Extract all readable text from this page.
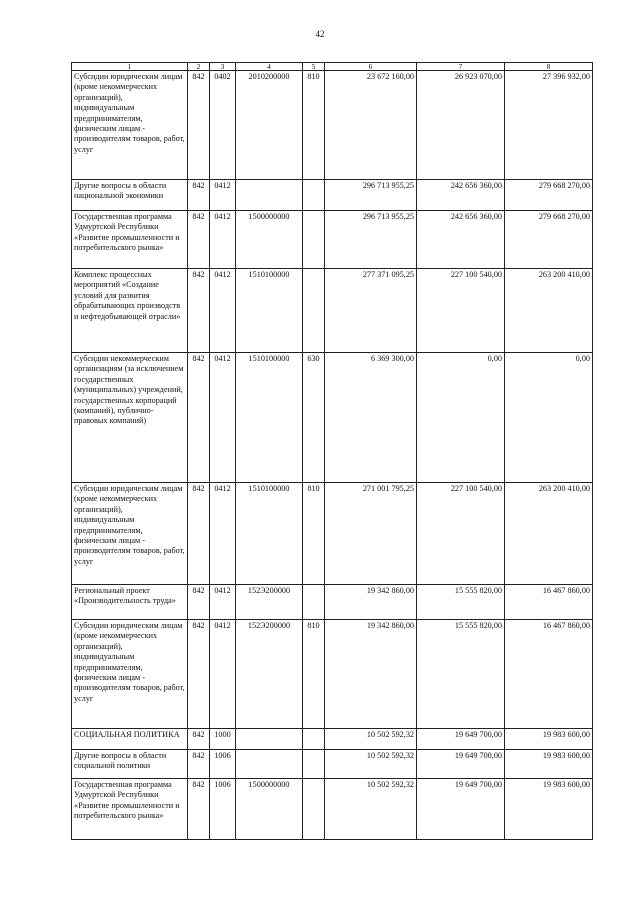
42
1	2	3	4	5	6	7	8
Субсидии юридическим лицам (кроме некоммерческих организаций), индивидуальным предпринимателям, физическим лицам - производителям товаров, работ, услуг	842	0402	2010200000	810	23 672 160,00	26 923 070,00	27 396 932,00
Другие вопросы в области национальной экономики	842	0412			296 713 955,25	242 656 360,00	279 668 270,00
Государственная программа Удмуртской Республики «Развитие промышленности и потребительского рынка»	842	0412	1500000000		296 713 955,25	242 656 360,00	279 668 270,00
Комплекс процессных мероприятий «Создание условий для развития обрабатывающих производств и нефтедобывающей отрасли»	842	0412	1510100000		277 371 095,25	227 100 540,00	263 200 410,00
Субсидии некоммерческим организациям (за исключением государственных (муниципальных) учреждений, государственных корпораций (компаний), публично-правовых компаний)	842	0412	1510100000	630	6 369 300,00	0,00	0,00
Субсидии юридическим лицам (кроме некоммерческих организаций), индивидуальным предпринимателям, физическим лицам - производителям товаров, работ, услуг	842	0412	1510100000	810	271 001 795,25	227 100 540,00	263 200 410,00
Региональный проект «Производительность труда»	842	0412	152Э200000		19 342 860,00	15 555 820,00	16 467 860,00
Субсидии юридическим лицам (кроме некоммерческих организаций), индивидуальным предпринимателям, физическим лицам - производителям товаров, работ, услуг	842	0412	152Э200000	810	19 342 860,00	15 555 820,00	16 467 860,00
СОЦИАЛЬНАЯ ПОЛИТИКА	842	1000			10 502 592,32	19 649 700,00	19 983 600,00
Другие вопросы в области социальной политики	842	1006			10 502 592,32	19 649 700,00	19 983 600,00
Государственная программа Удмуртской Республики «Развитие промышленности и потребительского рынка»	842	1006	1500000000		10 502 592,32	19 649 700,00	19 983 600,00
